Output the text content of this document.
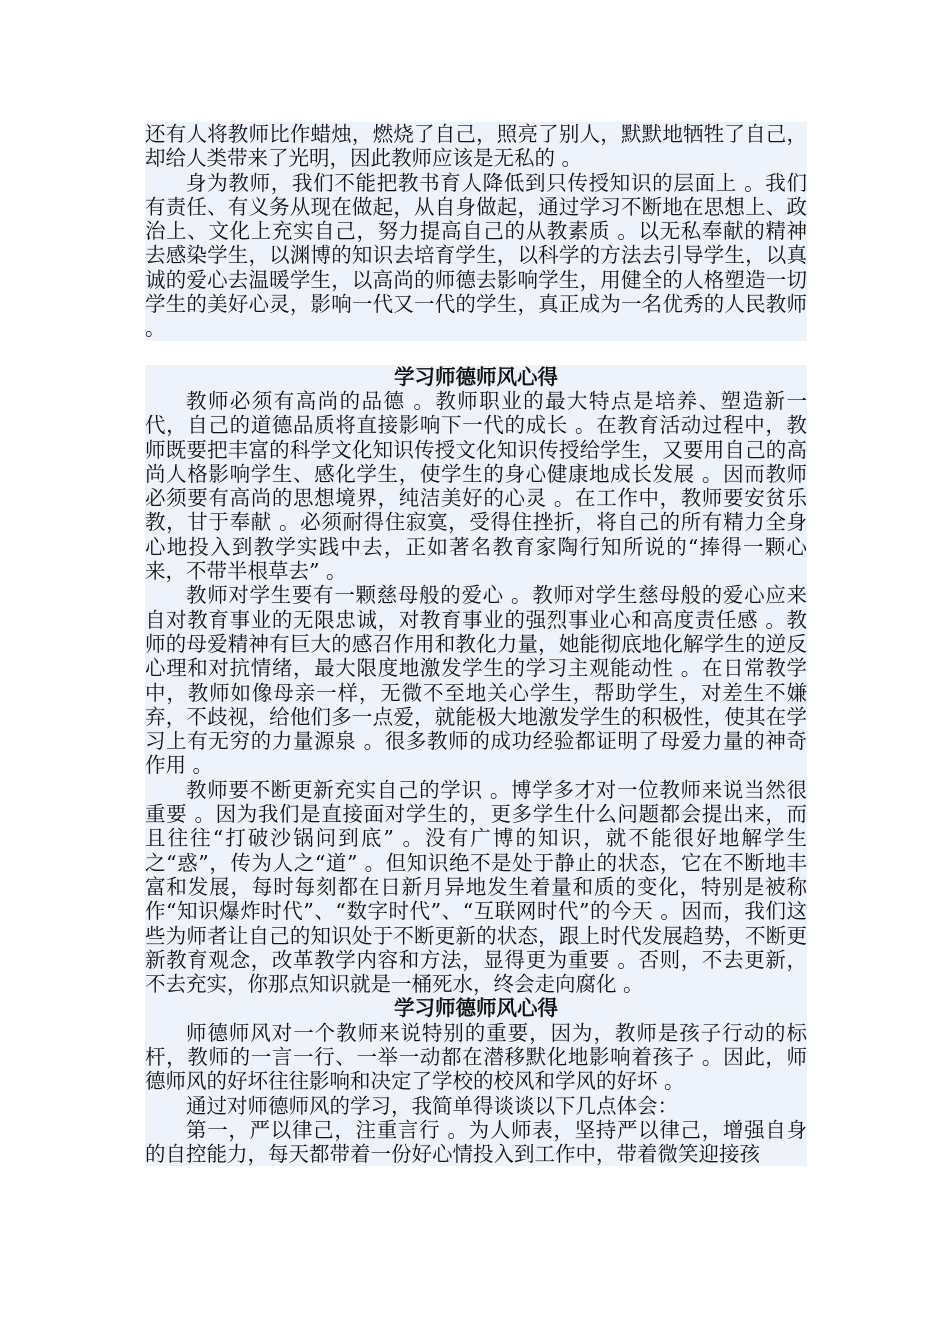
还有人将教师比作蜡烛，燃烧了自己，照亮了别人，默默地牺牲了自己，却给人类带来了光明，因此教师应该是无私的 。

身为教师，我们不能把教书育人降低到只传授知识的层面上 。我们有责任、有义务从现在做起，从自身做起，通过学习不断地在思想上、政治上、文化上充实自己，努力提高自己的从教素质 。以无私奉献的精神去感染学生，以渊博的知识去培育学生，以科学的方法去引导学生，以真诚的爱心去温暖学生，以高尚的师德去影响学生，用健全的人格塑造一切学生的美好心灵，影响一代又一代的学生，真正成为一名优秀的人民教师 。

学习师德师风心得

教师必须有高尚的品德 。教师职业的最大特点是培养、塑造新一代，自己的道德品质将直接影响下一代的成长 。在教育活动过程中，教师既要把丰富的科学文化知识传授文化知识传授给学生，又要用自己的高尚人格影响学生、感化学生，使学生的身心健康地成长发展 。因而教师必须要有高尚的思想境界，纯洁美好的心灵 。在工作中，教师要安贫乐教，甘于奉献 。必须耐得住寂寞，受得住挫折，将自己的所有精力全身心地投入到教学实践中去，正如著名教育家陶行知所说的“捧得一颗心来，不带半根草去” 。

教师对学生要有一颗慈母般的爱心 。教师对学生慈母般的爱心应来自对教育事业的无限忠诚，对教育事业的强烈事业心和高度责任感 。教师的母爱精神有巨大的感召作用和教化力量，她能彻底地化解学生的逆反心理和对抗情绪，最大限度地激发学生的学习主观能动性 。在日常教学中，教师如像母亲一样，无微不至地关心学生，帮助学生，对差生不嫌弃，不歧视，给他们多一点爱，就能极大地激发学生的积极性，使其在学习上有无穷的力量源泉 。很多教师的成功经验都证明了母爱力量的神奇作用 。

教师要不断更新充实自己的学识 。博学多才对一位教师来说当然很重要 。因为我们是直接面对学生的，更多学生什么问题都会提出来，而且往往“打破沙锅问到底” 。没有广博的知识，就不能很好地解学生之“惑”，传为人之“道” 。但知识绝不是处于静止的状态，它在不断地丰富和发展，每时每刻都在日新月异地发生着量和质的变化，特别是被称作“知识爆炸时代”、“数字时代”、“互联网时代”的今天 。因而，我们这些为师者让自己的知识处于不断更新的状态，跟上时代发展趋势，不断更新教育观念，改革教学内容和方法，显得更为重要 。否则，不去更新，不去充实，你那点知识就是一桶死水，终会走向腐化 。

学习师德师风心得

师德师风对一个教师来说特别的重要，因为，教师是孩子行动的标杆，教师的一言一行、一举一动都在潜移默化地影响着孩子 。因此，师德师风的好坏往往影响和决定了学校的校风和学风的好坏 。

通过对师德师风的学习，我简单得谈谈以下几点体会：

第一，严以律己，注重言行 。为人师表，坚持严以律己，增强自身的自控能力，每天都带着一份好心情投入到工作中，带着微笑迎接孩
